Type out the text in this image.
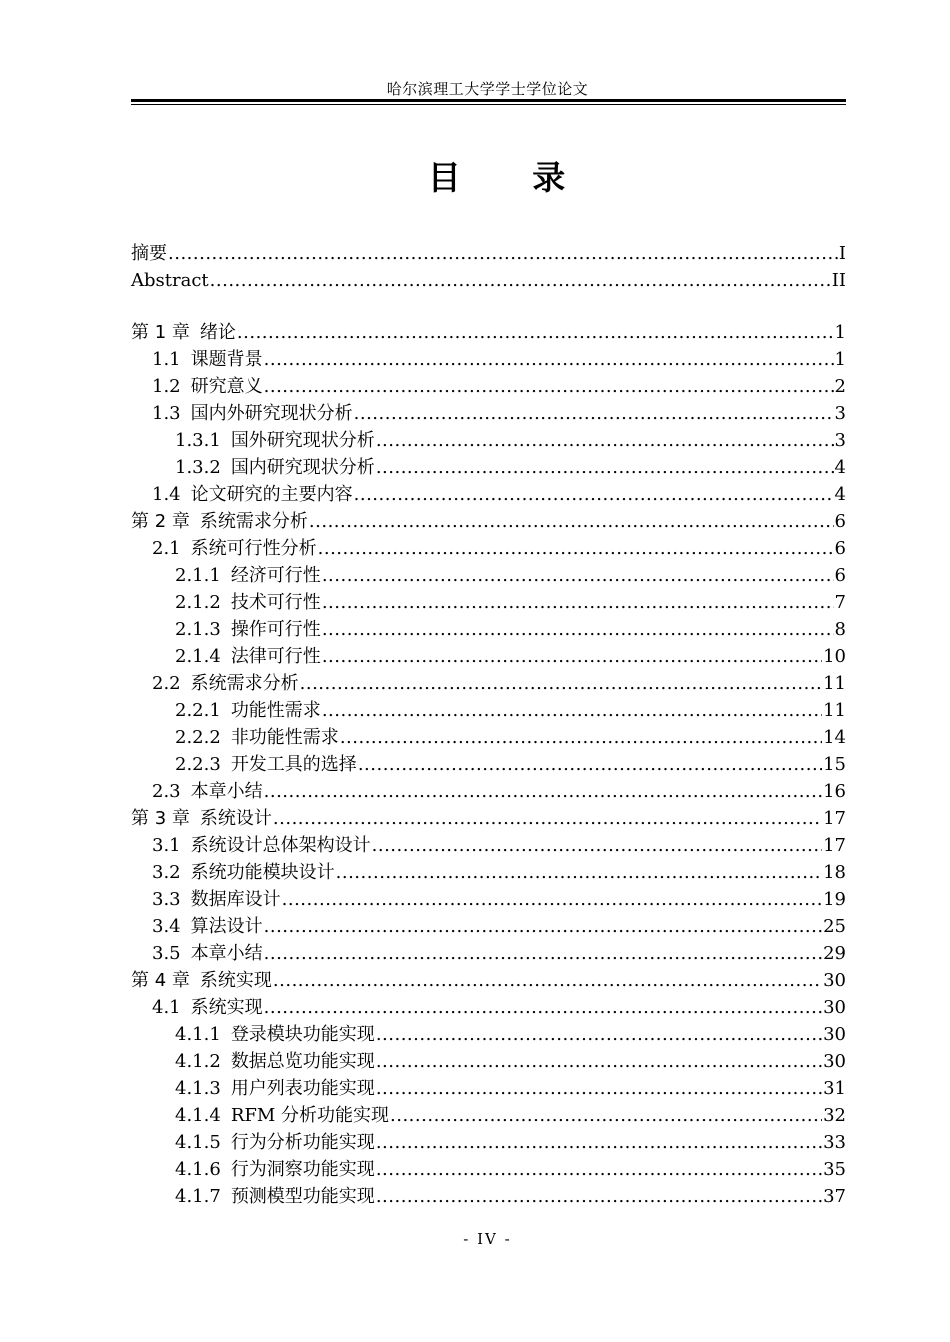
哈尔滨理工大学学士学位论文
目 录
摘要 .....	I
Abstract .....	II
第 1 章 绪论 .....	1
1.1 课题背景 .....	1
1.2 研究意义 .....	2
1.3 国内外研究现状分析 .....	3
1.3.1 国外研究现状分析 .....	3
1.3.2 国内研究现状分析 .....	4
1.4 论文研究的主要内容 .....	4
第 2 章 系统需求分析 .....	6
2.1 系统可行性分析 .....	6
2.1.1 经济可行性 .....	6
2.1.2 技术可行性 .....	7
2.1.3 操作可行性 .....	8
2.1.4 法律可行性 .....	10
2.2 系统需求分析 .....	11
2.2.1 功能性需求 .....	11
2.2.2 非功能性需求 .....	14
2.2.3 开发工具的选择 .....	15
2.3 本章小结 .....	16
第 3 章 系统设计 .....	17
3.1 系统设计总体架构设计 .....	17
3.2 系统功能模块设计 .....	18
3.3 数据库设计 .....	19
3.4 算法设计 .....	25
3.5 本章小结 .....	29
第 4 章 系统实现 .....	30
4.1 系统实现 .....	30
4.1.1 登录模块功能实现 .....	30
4.1.2 数据总览功能实现 .....	30
4.1.3 用户列表功能实现 .....	31
4.1.4 RFM 分析功能实现 .....	32
4.1.5 行为分析功能实现 .....	33
4.1.6 行为洞察功能实现 .....	35
4.1.7 预测模型功能实现 .....	37
- IV -
